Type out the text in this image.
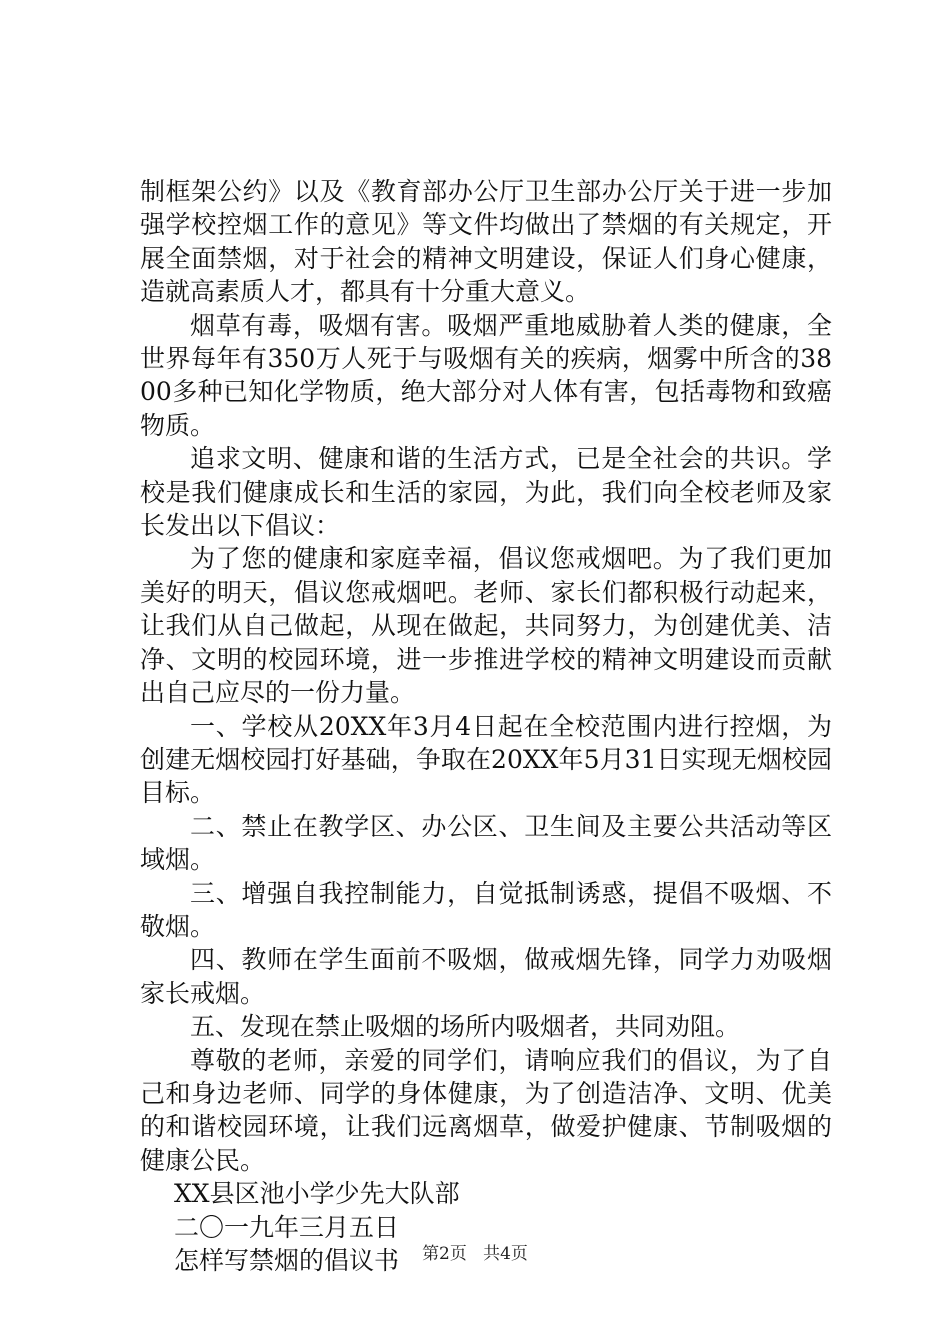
制框架公约》以及《教育部办公厅卫生部办公厅关于进一步加强学校控烟工作的意见》等文件均做出了禁烟的有关规定，开展全面禁烟，对于社会的精神文明建设，保证人们身心健康，造就高素质人才，都具有十分重大意义。

烟草有毒，吸烟有害。吸烟严重地威胁着人类的健康，全世界每年有350万人死于与吸烟有关的疾病，烟雾中所含的3800多种已知化学物质，绝大部分对人体有害，包括毒物和致癌物质。

追求文明、健康和谐的生活方式，已是全社会的共识。学校是我们健康成长和生活的家园，为此，我们向全校老师及家长发出以下倡议：

为了您的健康和家庭幸福，倡议您戒烟吧。为了我们更加美好的明天，倡议您戒烟吧。老师、家长们都积极行动起来，让我们从自己做起，从现在做起，共同努力，为创建优美、洁净、文明的校园环境，进一步推进学校的精神文明建设而贡献出自己应尽的一份力量。

一、学校从20XX年3月4日起在全校范围内进行控烟，为创建无烟校园打好基础，争取在20XX年5月31日实现无烟校园目标。

二、禁止在教学区、办公区、卫生间及主要公共活动等区域烟。

三、增强自我控制能力，自觉抵制诱惑，提倡不吸烟、不敬烟。

四、教师在学生面前不吸烟，做戒烟先锋，同学力劝吸烟家长戒烟。

五、发现在禁止吸烟的场所内吸烟者，共同劝阻。

尊敬的老师，亲爱的同学们，请响应我们的倡议，为了自己和身边老师、同学的身体健康，为了创造洁净、文明、优美的和谐校园环境，让我们远离烟草，做爱护健康、节制吸烟的健康公民。

XX县区池小学少先大队部

二〇一九年三月五日

怎样写禁烟的倡议书	第2页 共4页
